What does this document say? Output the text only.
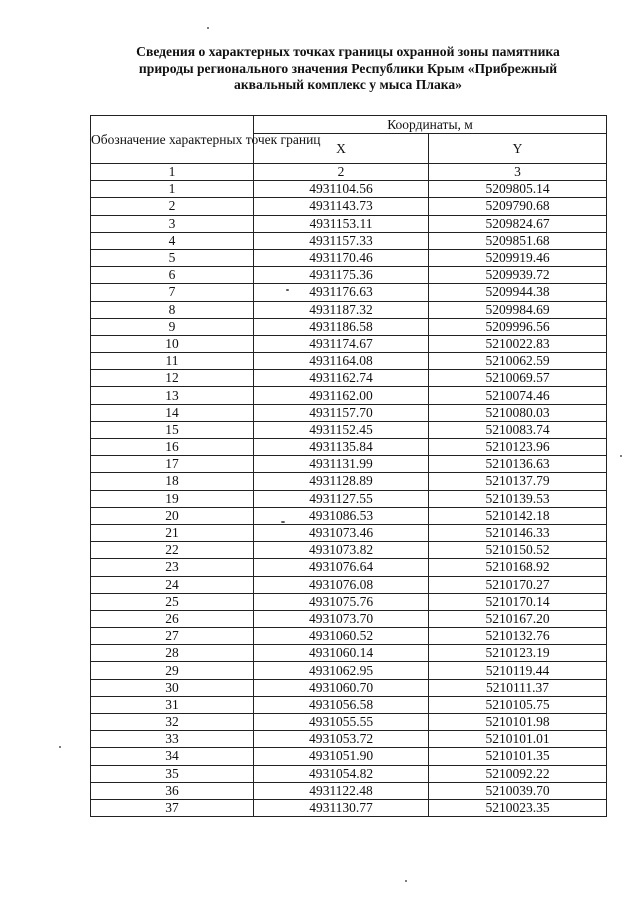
Сведения о характерных точках границы охранной зоны памятника
природы регионального значения Республики Крым «Прибрежный
аквальный комплекс у мыса Плака»
Обозначение характерных точек границ	Координаты, м	
	X	Y
1	2	3
1	4931104.56	5209805.14
2	4931143.73	5209790.68
3	4931153.11	5209824.67
4	4931157.33	5209851.68
5	4931170.46	5209919.46
6	4931175.36	5209939.72
7	4931176.63	5209944.38
8	4931187.32	5209984.69
9	4931186.58	5209996.56
10	4931174.67	5210022.83
11	4931164.08	5210062.59
12	4931162.74	5210069.57
13	4931162.00	5210074.46
14	4931157.70	5210080.03
15	4931152.45	5210083.74
16	4931135.84	5210123.96
17	4931131.99	5210136.63
18	4931128.89	5210137.79
19	4931127.55	5210139.53
20	4931086.53	5210142.18
21	4931073.46	5210146.33
22	4931073.82	5210150.52
23	4931076.64	5210168.92
24	4931076.08	5210170.27
25	4931075.76	5210170.14
26	4931073.70	5210167.20
27	4931060.52	5210132.76
28	4931060.14	5210123.19
29	4931062.95	5210119.44
30	4931060.70	5210111.37
31	4931056.58	5210105.75
32	4931055.55	5210101.98
33	4931053.72	5210101.01
34	4931051.90	5210101.35
35	4931054.82	5210092.22
36	4931122.48	5210039.70
37	4931130.77	5210023.35
